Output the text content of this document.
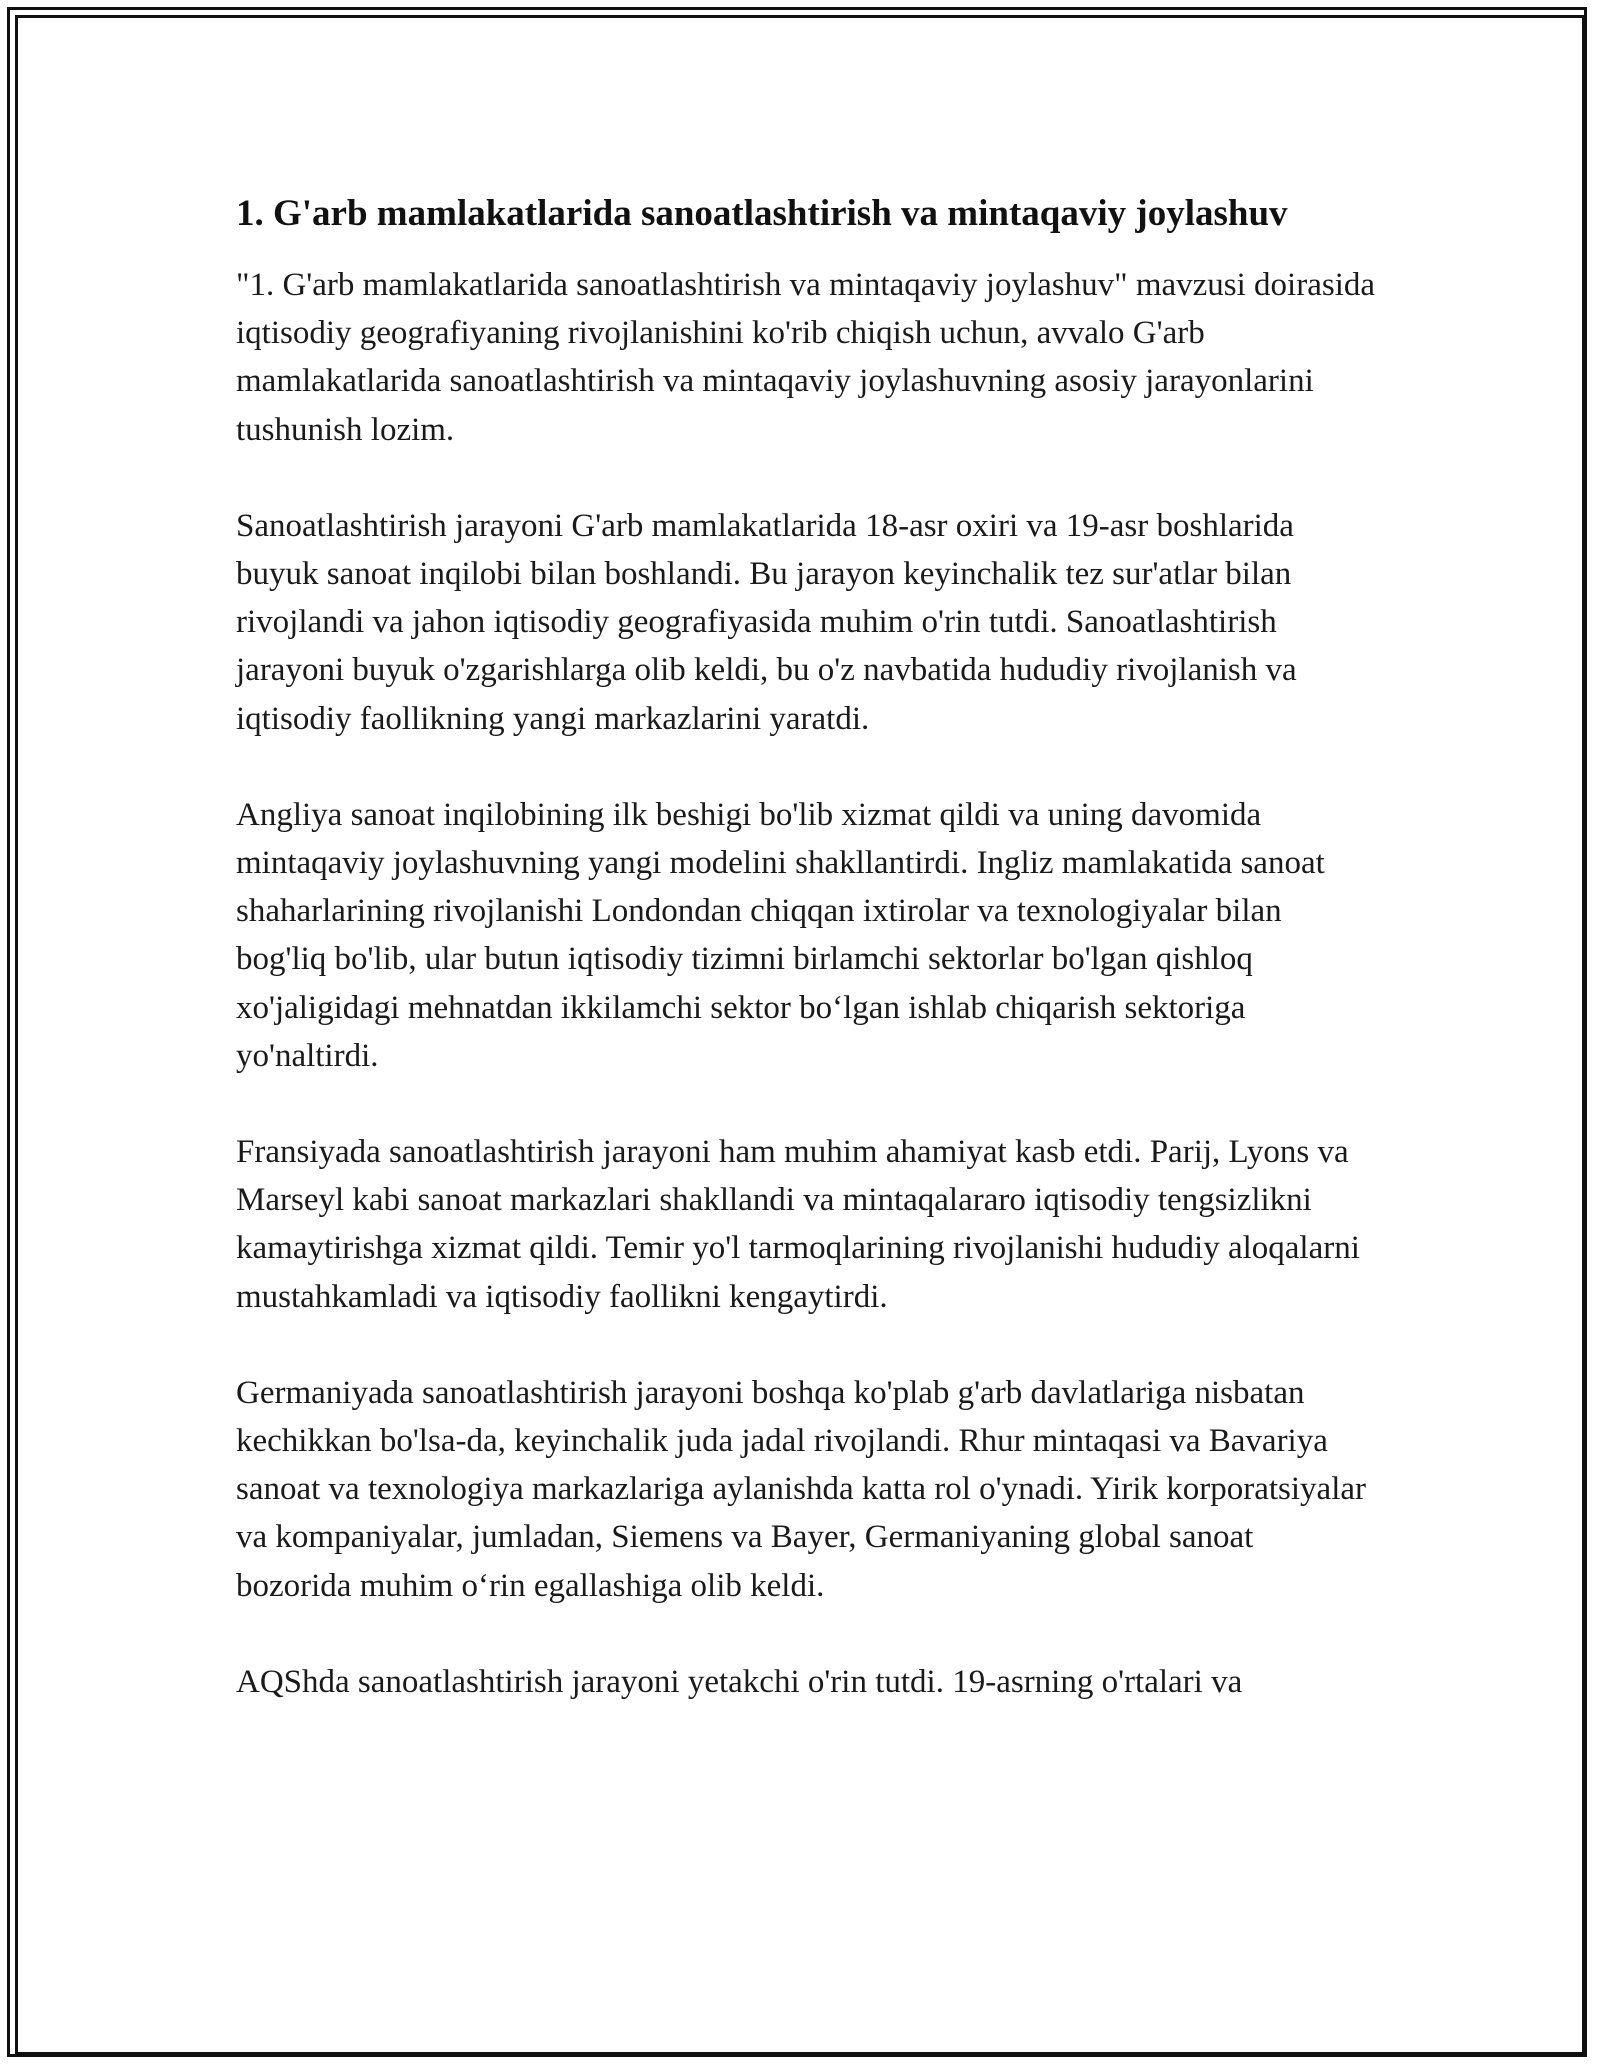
1. G'arb mamlakatlarida sanoatlashtirish va mintaqaviy joylashuv

"1. G'arb mamlakatlarida sanoatlashtirish va mintaqaviy joylashuv" mavzusi doirasida iqtisodiy geografiyaning rivojlanishini ko'rib chiqish uchun, avvalo G'arb mamlakatlarida sanoatlashtirish va mintaqaviy joylashuvning asosiy jarayonlarini tushunish lozim.

Sanoatlashtirish jarayoni G'arb mamlakatlarida 18-asr oxiri va 19-asr boshlarida buyuk sanoat inqilobi bilan boshlandi. Bu jarayon keyinchalik tez sur'atlar bilan rivojlandi va jahon iqtisodiy geografiyasida muhim o'rin tutdi. Sanoatlashtirish jarayoni buyuk o'zgarishlarga olib keldi, bu o'z navbatida hududiy rivojlanish va iqtisodiy faollikning yangi markazlarini yaratdi.

Angliya sanoat inqilobining ilk beshigi bo'lib xizmat qildi va uning davomida mintaqaviy joylashuvning yangi modelini shakllantirdi. Ingliz mamlakatida sanoat shaharlarining rivojlanishi Londondan chiqqan ixtirolar va texnologiyalar bilan bog'liq bo'lib, ular butun iqtisodiy tizimni birlamchi sektorlar bo'lgan qishloq xo'jaligidagi mehnatdan ikkilamchi sektor bo‘lgan ishlab chiqarish sektoriga yo'naltirdi.

Fransiyada sanoatlashtirish jarayoni ham muhim ahamiyat kasb etdi. Parij, Lyons va Marseyl kabi sanoat markazlari shakllandi va mintaqalararo iqtisodiy tengsizlikni kamaytirishga xizmat qildi. Temir yo'l tarmoqlarining rivojlanishi hududiy aloqalarni mustahkamladi va iqtisodiy faollikni kengaytirdi.

Germaniyada sanoatlashtirish jarayoni boshqa ko'plab g'arb davlatlariga nisbatan kechikkan bo'lsa-da, keyinchalik juda jadal rivojlandi. Rhur mintaqasi va Bavariya sanoat va texnologiya markazlariga aylanishda katta rol o'ynadi. Yirik korporatsiyalar va kompaniyalar, jumladan, Siemens va Bayer, Germaniyaning global sanoat bozorida muhim o‘rin egallashiga olib keldi.

AQShda sanoatlashtirish jarayoni yetakchi o'rin tutdi. 19-asrning o'rtalari va
